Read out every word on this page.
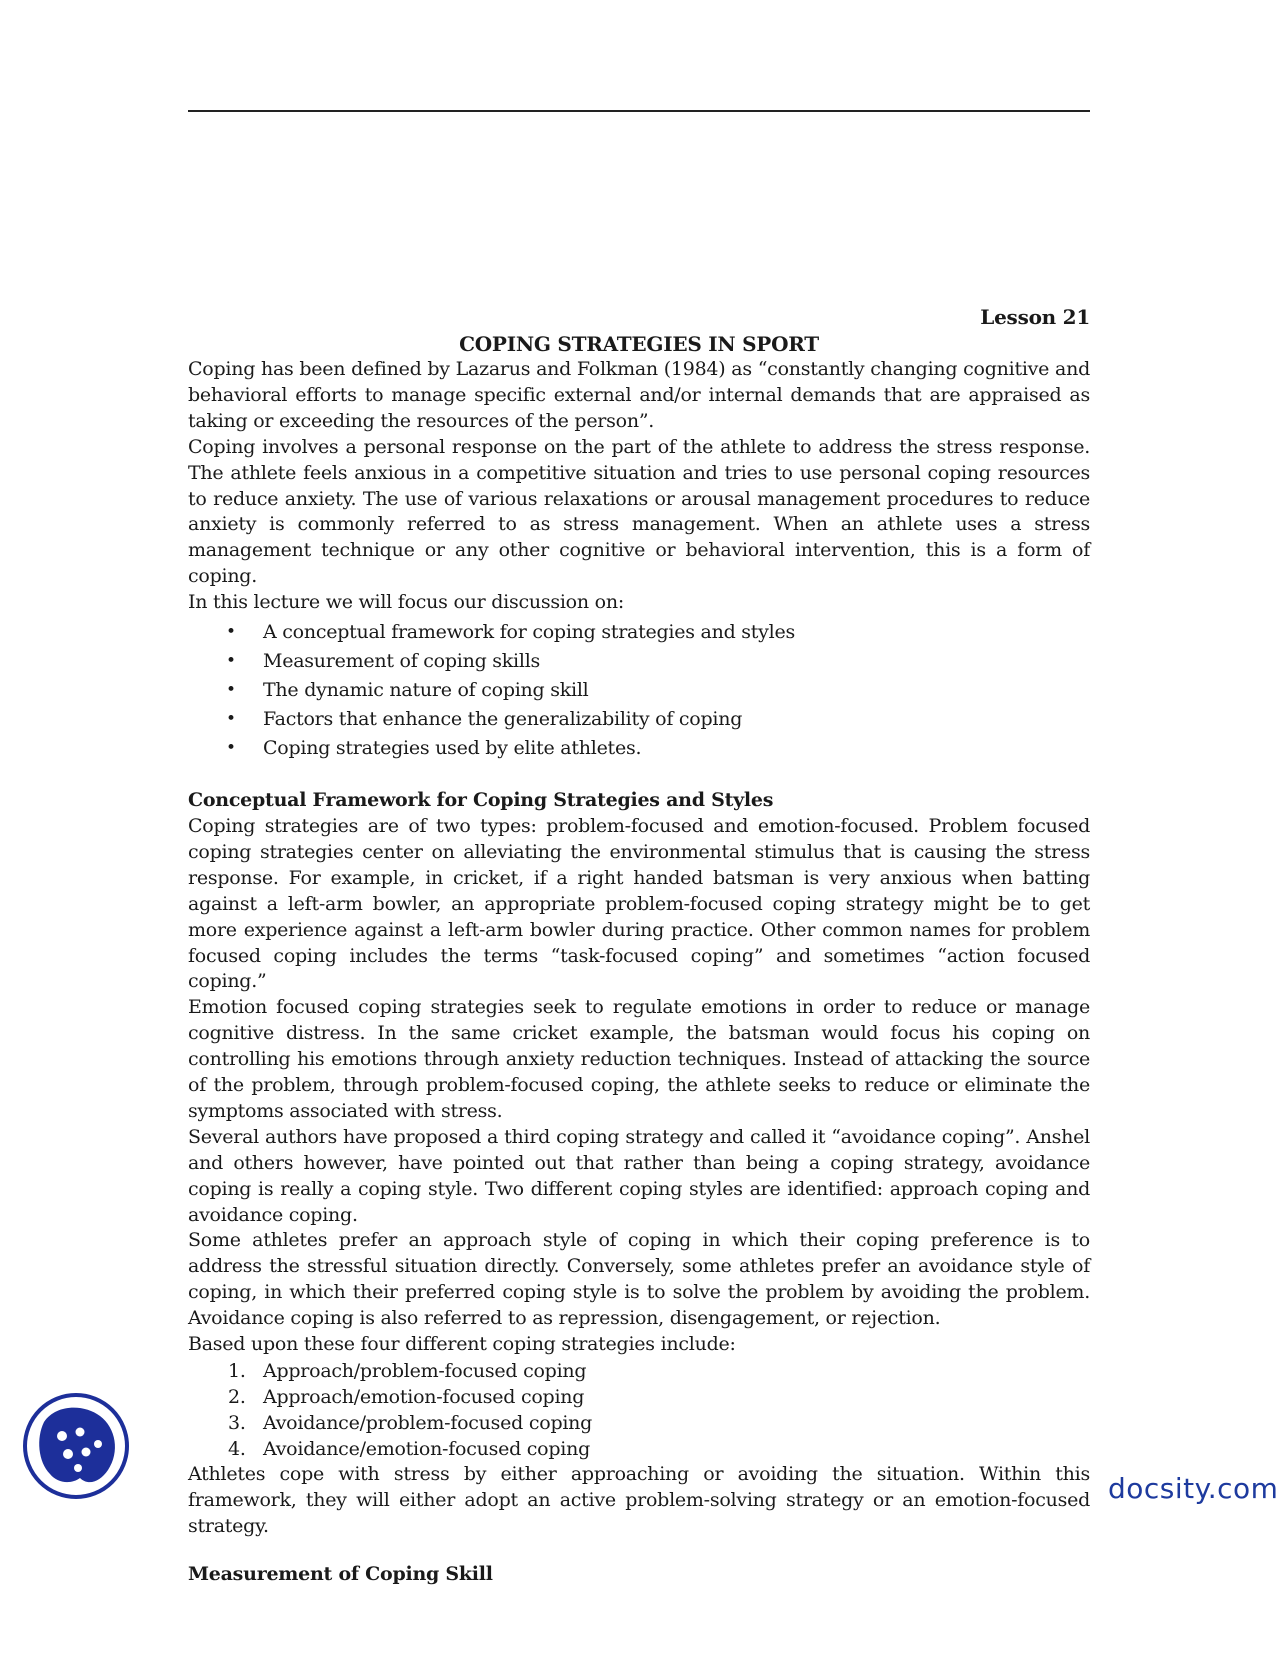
Lesson 21
COPING STRATEGIES IN SPORT

Coping has been defined by Lazarus and Folkman (1984) as “constantly changing cognitive and behavioral efforts to manage specific external and/or internal demands that are appraised as taking or exceeding the resources of the person”.

Coping involves a personal response on the part of the athlete to address the stress response. The athlete feels anxious in a competitive situation and tries to use personal coping resources to reduce anxiety. The use of various relaxations or arousal management procedures to reduce anxiety is commonly referred to as stress management. When an athlete uses a stress management technique or any other cognitive or behavioral intervention, this is a form of coping.

In this lecture we will focus our discussion on:

• A conceptual framework for coping strategies and styles
• Measurement of coping skills
• The dynamic nature of coping skill
• Factors that enhance the generalizability of coping
• Coping strategies used by elite athletes.

Conceptual Framework for Coping Strategies and Styles

Coping strategies are of two types: problem-focused and emotion-focused. Problem focused coping strategies center on alleviating the environmental stimulus that is causing the stress response. For example, in cricket, if a right handed batsman is very anxious when batting against a left-arm bowler, an appropriate problem-focused coping strategy might be to get more experience against a left-arm bowler during practice. Other common names for problem focused coping includes the terms “task-focused coping” and sometimes “action focused coping.”

Emotion focused coping strategies seek to regulate emotions in order to reduce or manage cognitive distress. In the same cricket example, the batsman would focus his coping on controlling his emotions through anxiety reduction techniques. Instead of attacking the source of the problem, through problem-focused coping, the athlete seeks to reduce or eliminate the symptoms associated with stress.

Several authors have proposed a third coping strategy and called it “avoidance coping”. Anshel and others however, have pointed out that rather than being a coping strategy, avoidance coping is really a coping style. Two different coping styles are identified: approach coping and avoidance coping.

Some athletes prefer an approach style of coping in which their coping preference is to address the stressful situation directly. Conversely, some athletes prefer an avoidance style of coping, in which their preferred coping style is to solve the problem by avoiding the problem. Avoidance coping is also referred to as repression, disengagement, or rejection.

Based upon these four different coping strategies include:

1. Approach/problem-focused coping
2. Approach/emotion-focused coping
3. Avoidance/problem-focused coping
4. Avoidance/emotion-focused coping

Athletes cope with stress by either approaching or avoiding the situation. Within this framework, they will either adopt an active problem-solving strategy or an emotion-focused strategy.

Measurement of Coping Skill

docsity.com
